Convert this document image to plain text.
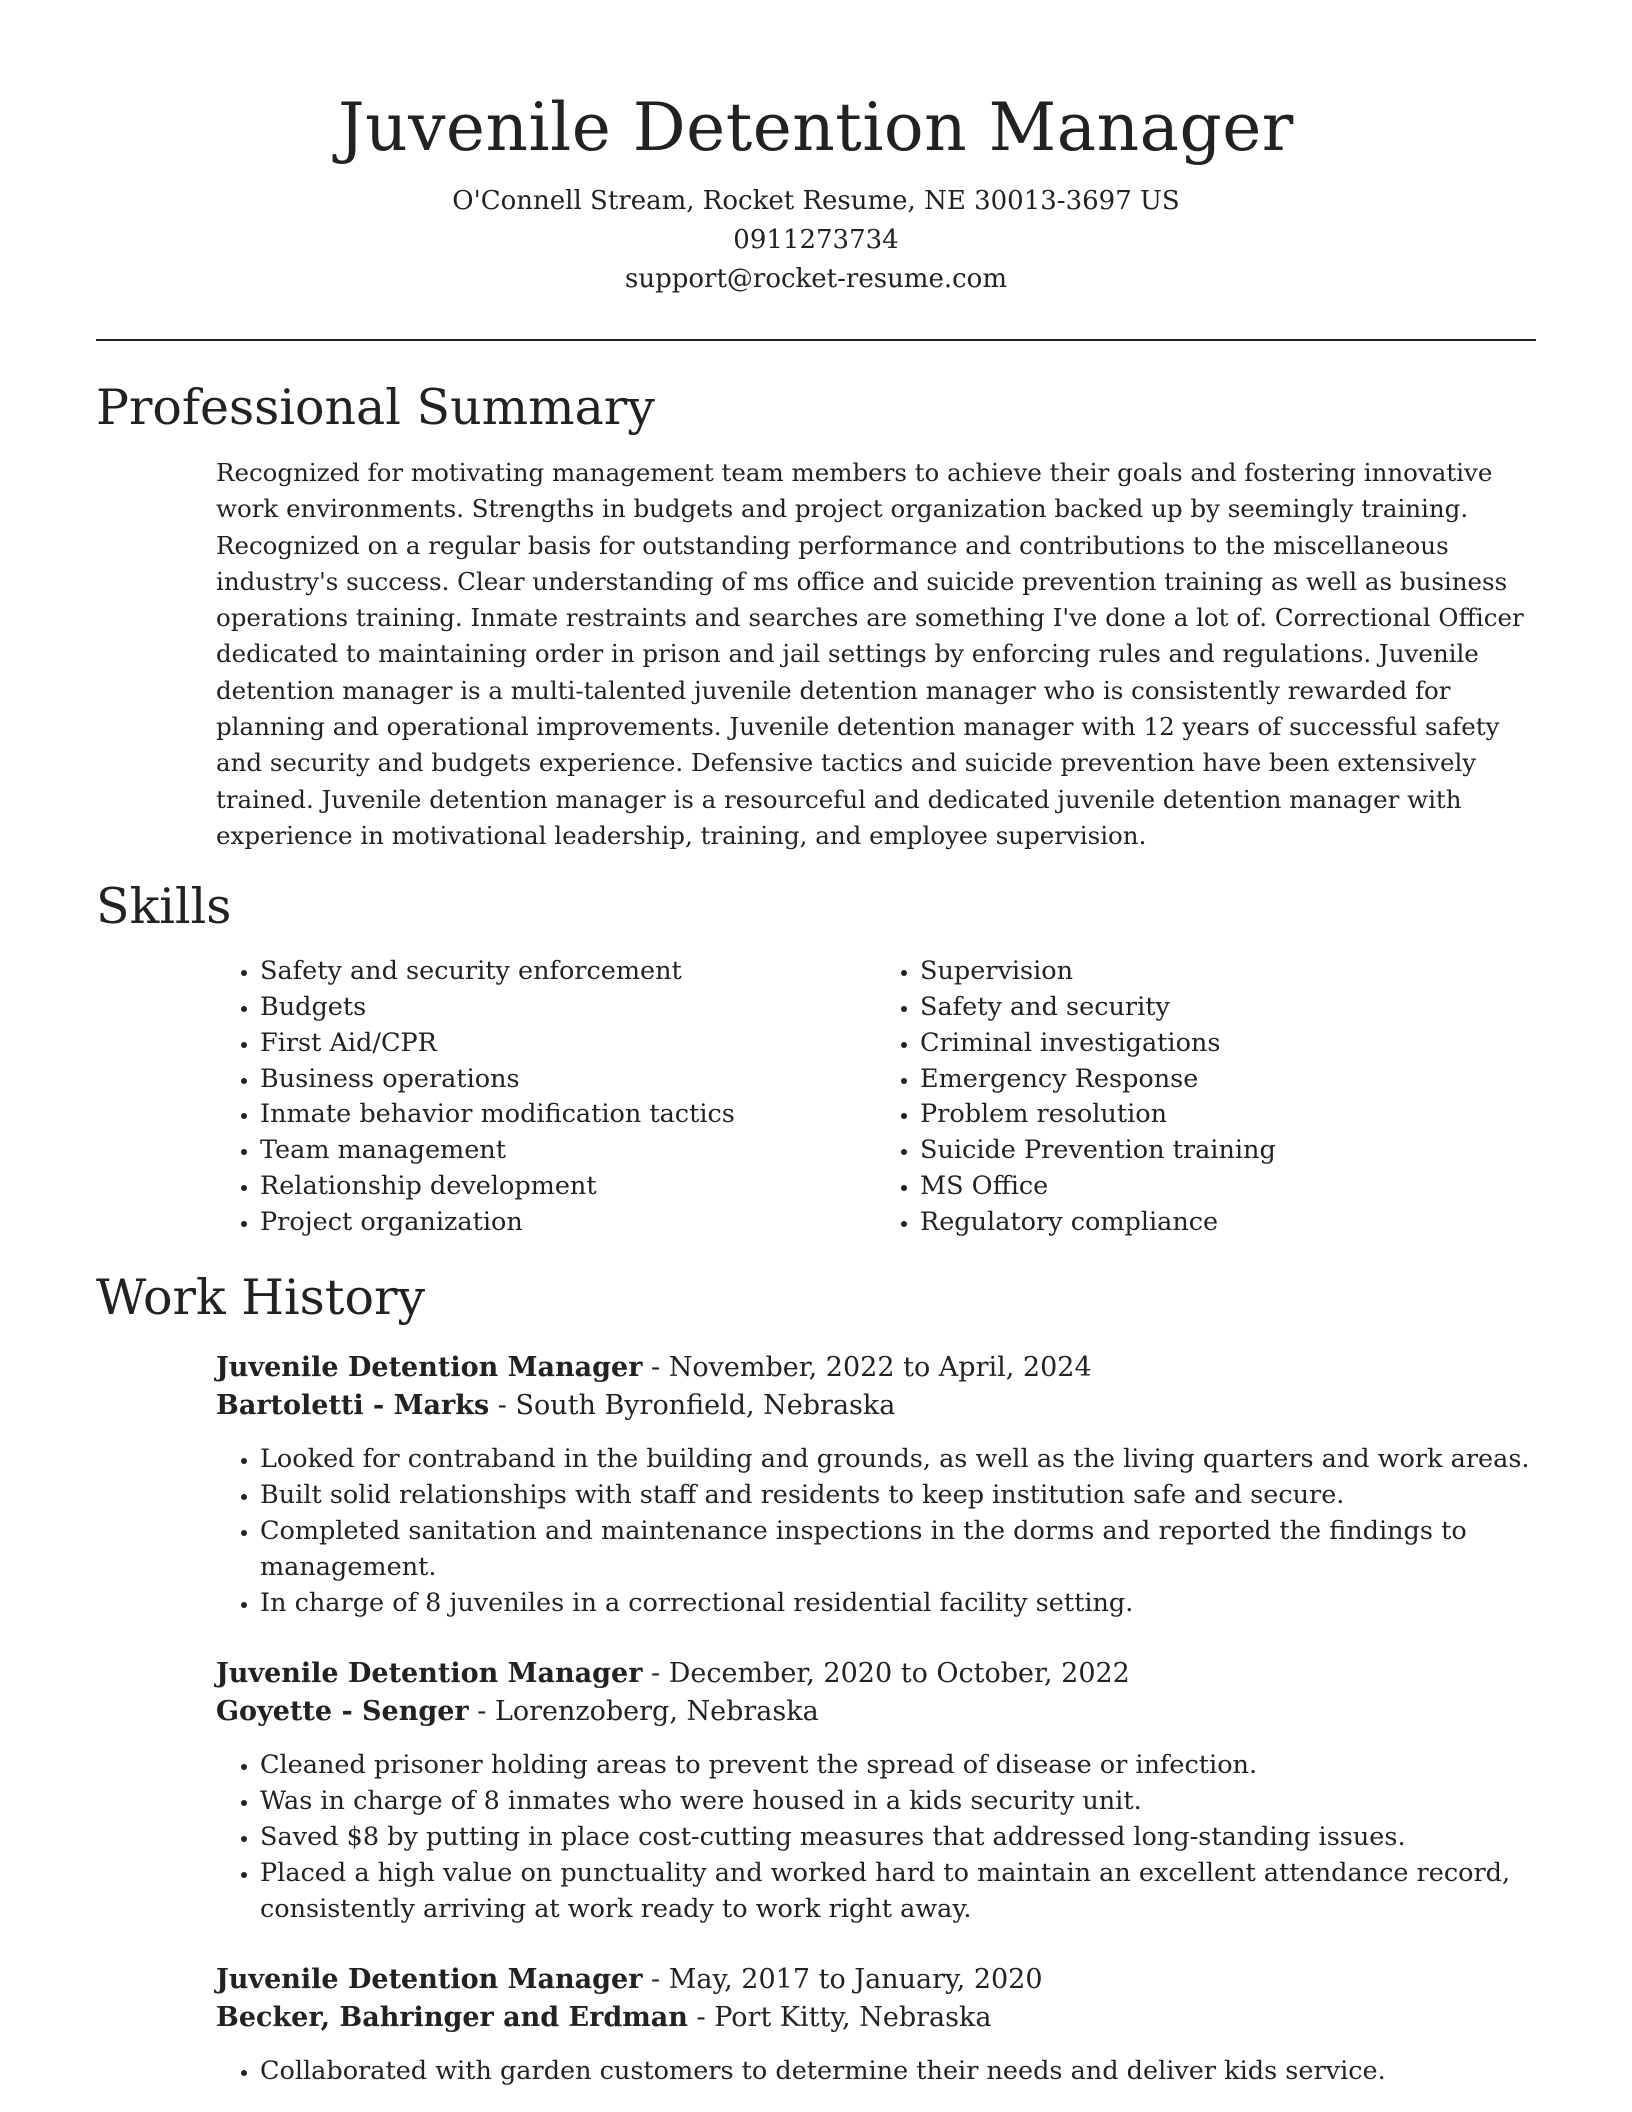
Juvenile Detention Manager

O'Connell Stream, Rocket Resume, NE 30013-3697 US

0911273734

support@rocket-resume.com

Professional Summary

Recognized for motivating management team members to achieve their goals and fostering innovative work environments. Strengths in budgets and project organization backed up by seemingly training. Recognized on a regular basis for outstanding performance and contributions to the miscellaneous industry's success. Clear understanding of ms office and suicide prevention training as well as business operations training. Inmate restraints and searches are something I've done a lot of. Correctional Officer dedicated to maintaining order in prison and jail settings by enforcing rules and regulations. Juvenile detention manager is a multi-talented juvenile detention manager who is consistently rewarded for planning and operational improvements. Juvenile detention manager with 12 years of successful safety and security and budgets experience. Defensive tactics and suicide prevention have been extensively trained. Juvenile detention manager is a resourceful and dedicated juvenile detention manager with experience in motivational leadership, training, and employee supervision.

Skills
• Safety and security enforcement
• Budgets
• First Aid/CPR
• Business operations
• Inmate behavior modification tactics
• Team management
• Relationship development
• Project organization
• Supervision
• Safety and security
• Criminal investigations
• Emergency Response
• Problem resolution
• Suicide Prevention training
• MS Office
• Regulatory compliance
Work History

Juvenile Detention Manager - November, 2022 to April, 2024

Bartoletti - Marks - South Byronfield, Nebraska

• Looked for contraband in the building and grounds, as well as the living quarters and work areas.
• Built solid relationships with staff and residents to keep institution safe and secure.
• Completed sanitation and maintenance inspections in the dorms and reported the findings to management.
• In charge of 8 juveniles in a correctional residential facility setting.

Juvenile Detention Manager - December, 2020 to October, 2022

Goyette - Senger - Lorenzoberg, Nebraska

• Cleaned prisoner holding areas to prevent the spread of disease or infection.
• Was in charge of 8 inmates who were housed in a kids security unit.
• Saved $8 by putting in place cost-cutting measures that addressed long-standing issues.
• Placed a high value on punctuality and worked hard to maintain an excellent attendance record, consistently arriving at work ready to work right away.

Juvenile Detention Manager - May, 2017 to January, 2020

Becker, Bahringer and Erdman - Port Kitty, Nebraska

• Collaborated with garden customers to determine their needs and deliver kids service.
